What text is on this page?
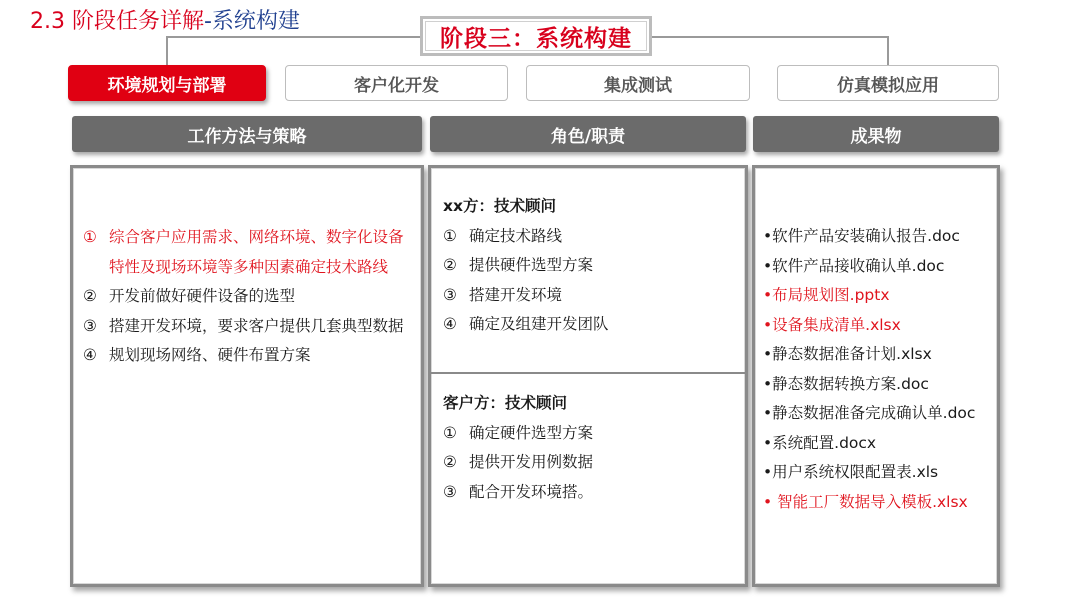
2.3 阶段任务详解-系统构建
阶段三：系统构建
环境规划与部署	客户化开发	集成测试	仿真模拟应用
工作方法与策略	角色/职责	成果物
① 综合客户应用需求、网络环境、数字化设备特性及现场环境等多种因素确定技术路线
② 开发前做好硬件设备的选型
③ 搭建开发环境，要求客户提供几套典型数据
④ 规划现场网络、硬件布置方案
xx方：技术顾问
① 确定技术路线
② 提供硬件选型方案
③ 搭建开发环境
④ 确定及组建开发团队
客户方：技术顾问
① 确定硬件选型方案
② 提供开发用例数据
③ 配合开发环境搭。
•软件产品安装确认报告.doc
•软件产品接收确认单.doc
•布局规划图.pptx
•设备集成清单.xlsx
•静态数据准备计划.xlsx
•静态数据转换方案.doc
•静态数据准备完成确认单.doc
•系统配置.docx
•用户系统权限配置表.xls
• 智能工厂数据导入模板.xlsx
